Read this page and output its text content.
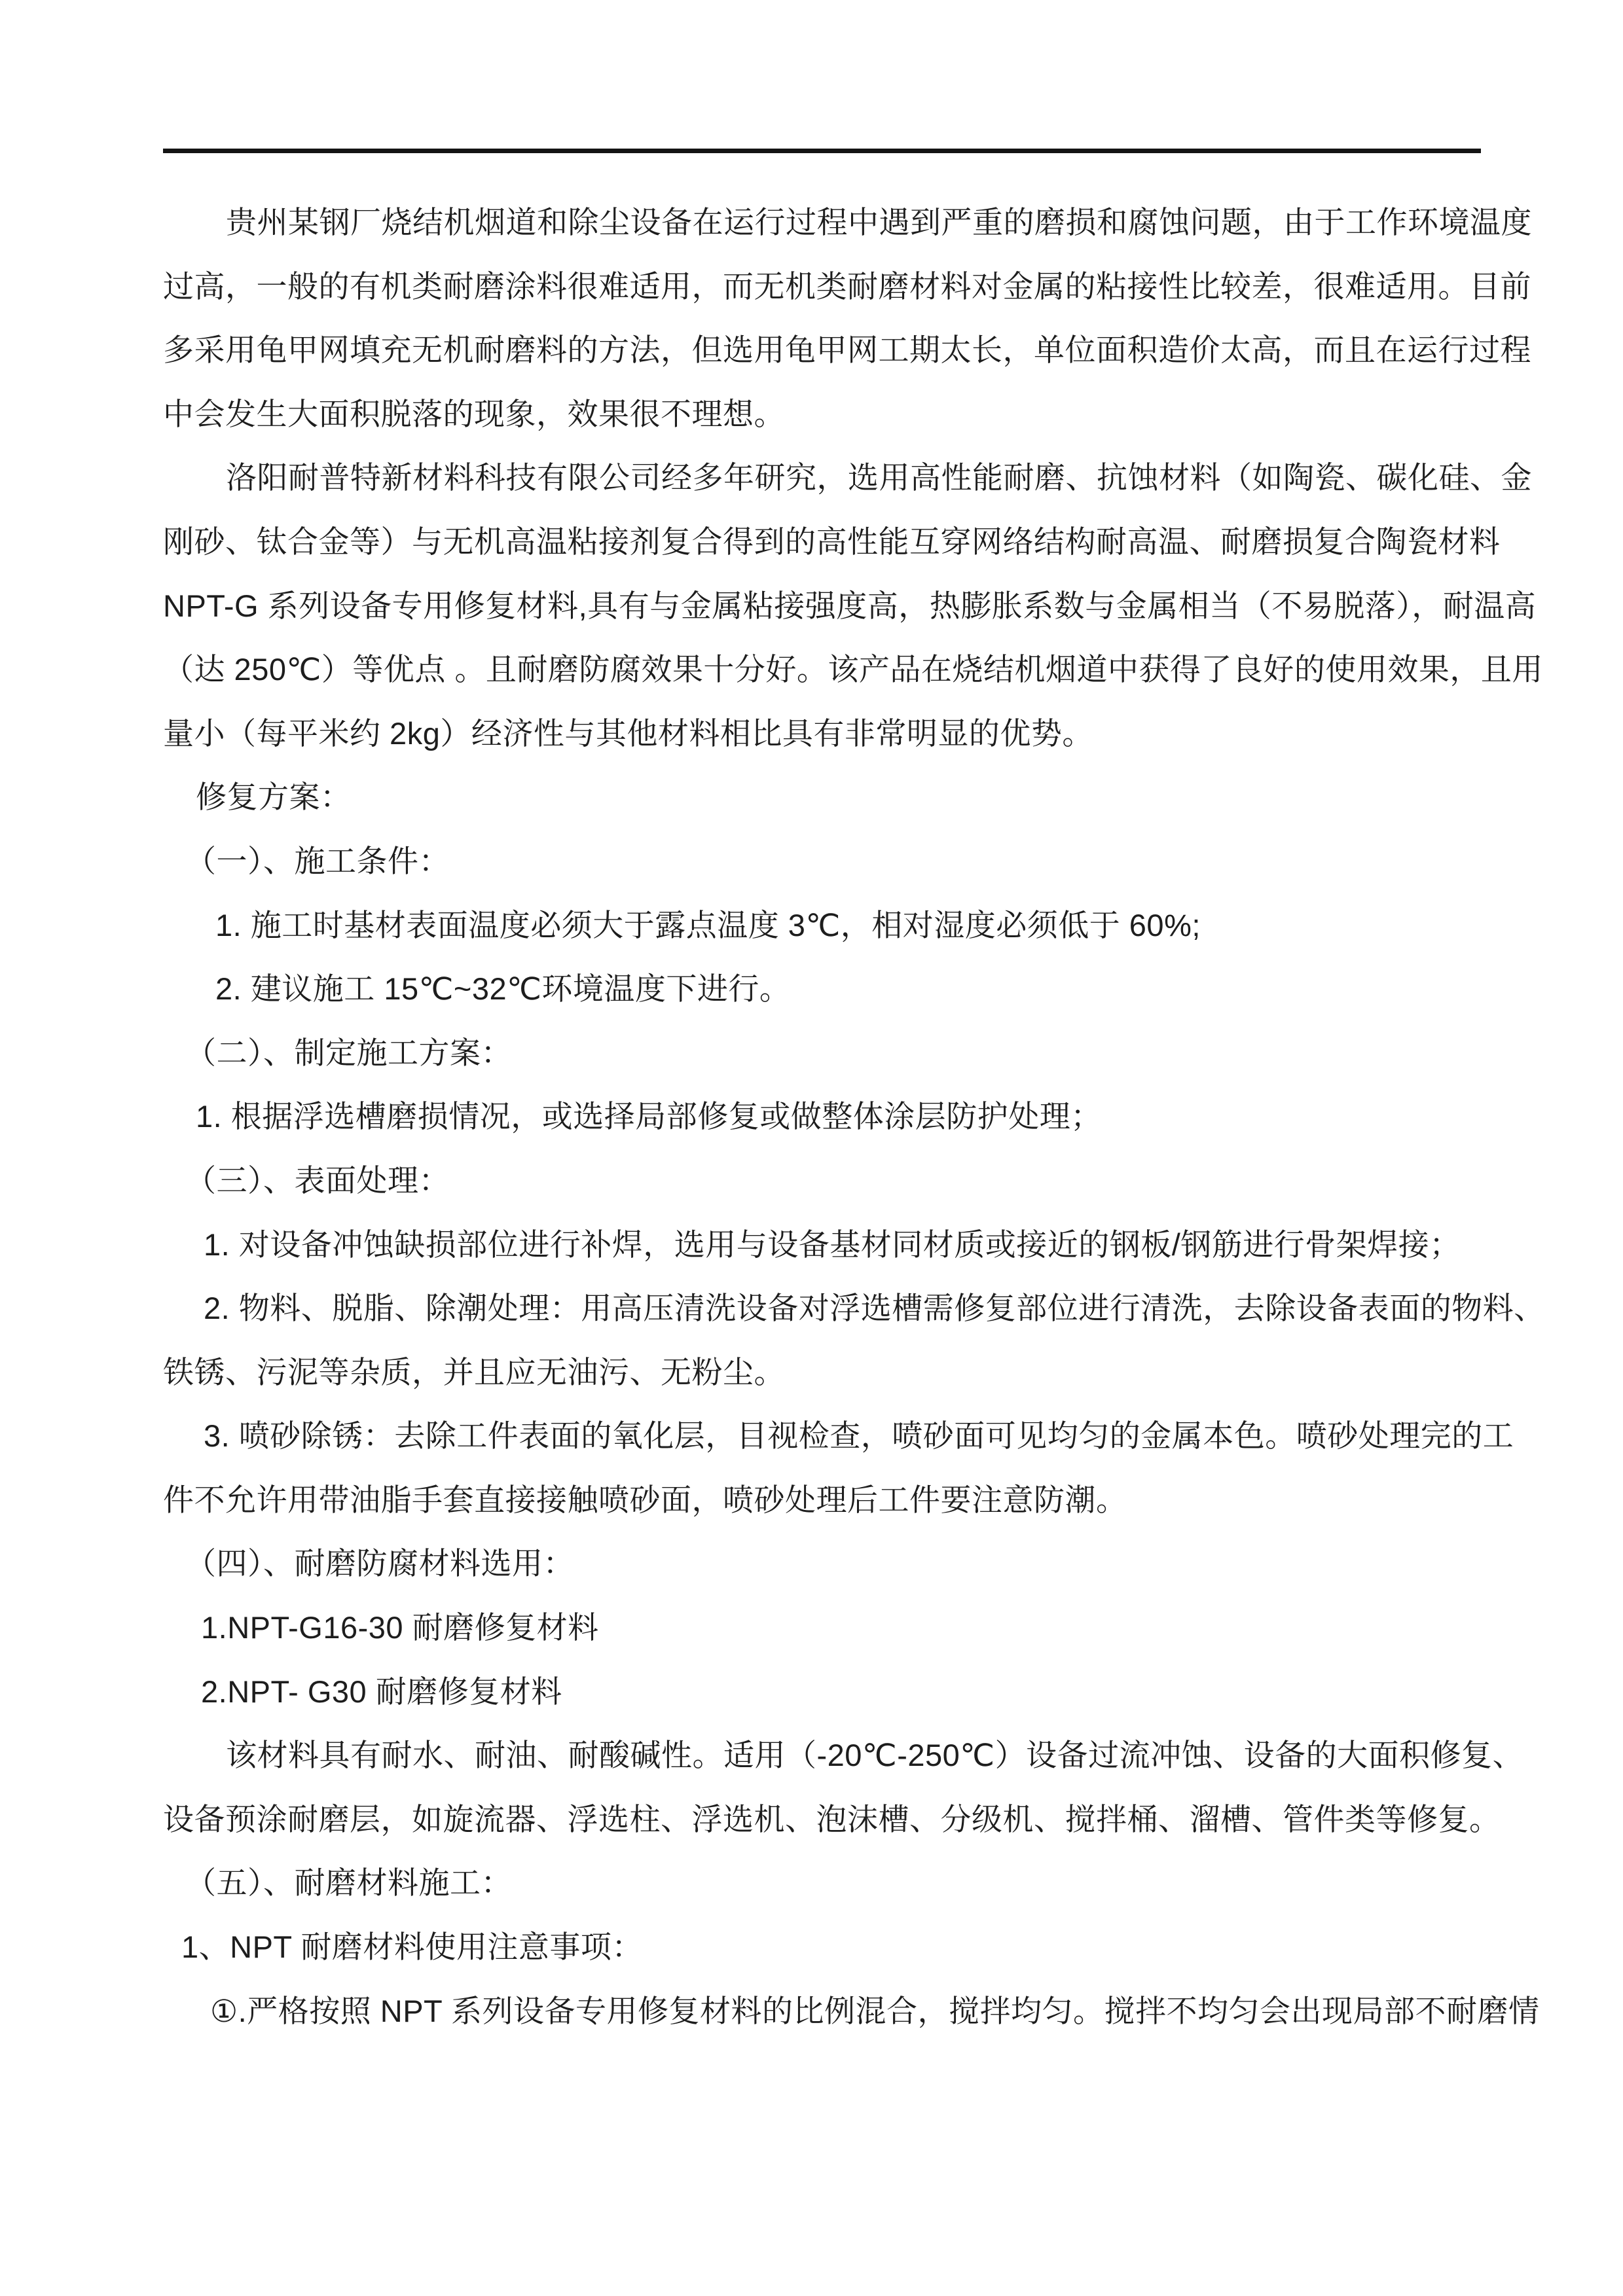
贵州某钢厂烧结机烟道和除尘设备在运行过程中遇到严重的磨损和腐蚀问题，由于工作环境温度
过高，一般的有机类耐磨涂料很难适用，而无机类耐磨材料对金属的粘接性比较差，很难适用。目前
多采用龟甲网填充无机耐磨料的方法，但选用龟甲网工期太长，单位面积造价太高，而且在运行过程
中会发生大面积脱落的现象，效果很不理想。
洛阳耐普特新材料科技有限公司经多年研究，选用高性能耐磨、抗蚀材料（如陶瓷、碳化硅、金
刚砂、钛合金等）与无机高温粘接剂复合得到的高性能互穿网络结构耐高温、耐磨损复合陶瓷材料
NPT-G 系列设备专用修复材料,具有与金属粘接强度高，热膨胀系数与金属相当（不易脱落），耐温高
（达 250℃）等优点 。且耐磨防腐效果十分好。该产品在烧结机烟道中获得了良好的使用效果，且用
量小（每平米约 2kg）经济性与其他材料相比具有非常明显的优势。
修复方案：
（一）、施工条件：
1. 施工时基材表面温度必须大于露点温度 3℃，相对湿度必须低于 60%;
2. 建议施工 15℃~32℃环境温度下进行。
（二）、制定施工方案：
1. 根据浮选槽磨损情况，或选择局部修复或做整体涂层防护处理；
（三）、表面处理：
1. 对设备冲蚀缺损部位进行补焊，选用与设备基材同材质或接近的钢板/钢筋进行骨架焊接；
2. 物料、脱脂、除潮处理：用高压清洗设备对浮选槽需修复部位进行清洗，去除设备表面的物料、
铁锈、污泥等杂质，并且应无油污、无粉尘。
3. 喷砂除锈：去除工件表面的氧化层，目视检查，喷砂面可见均匀的金属本色。喷砂处理完的工
件不允许用带油脂手套直接接触喷砂面，喷砂处理后工件要注意防潮。
（四）、耐磨防腐材料选用：
1.NPT-G16-30 耐磨修复材料
2.NPT- G30 耐磨修复材料
该材料具有耐水、耐油、耐酸碱性。适用（-20℃-250℃）设备过流冲蚀、设备的大面积修复、
设备预涂耐磨层，如旋流器、浮选柱、浮选机、泡沫槽、分级机、搅拌桶、溜槽、管件类等修复。
（五）、耐磨材料施工：
1、NPT 耐磨材料使用注意事项：
①.严格按照 NPT 系列设备专用修复材料的比例混合，搅拌均匀。搅拌不均匀会出现局部不耐磨情
